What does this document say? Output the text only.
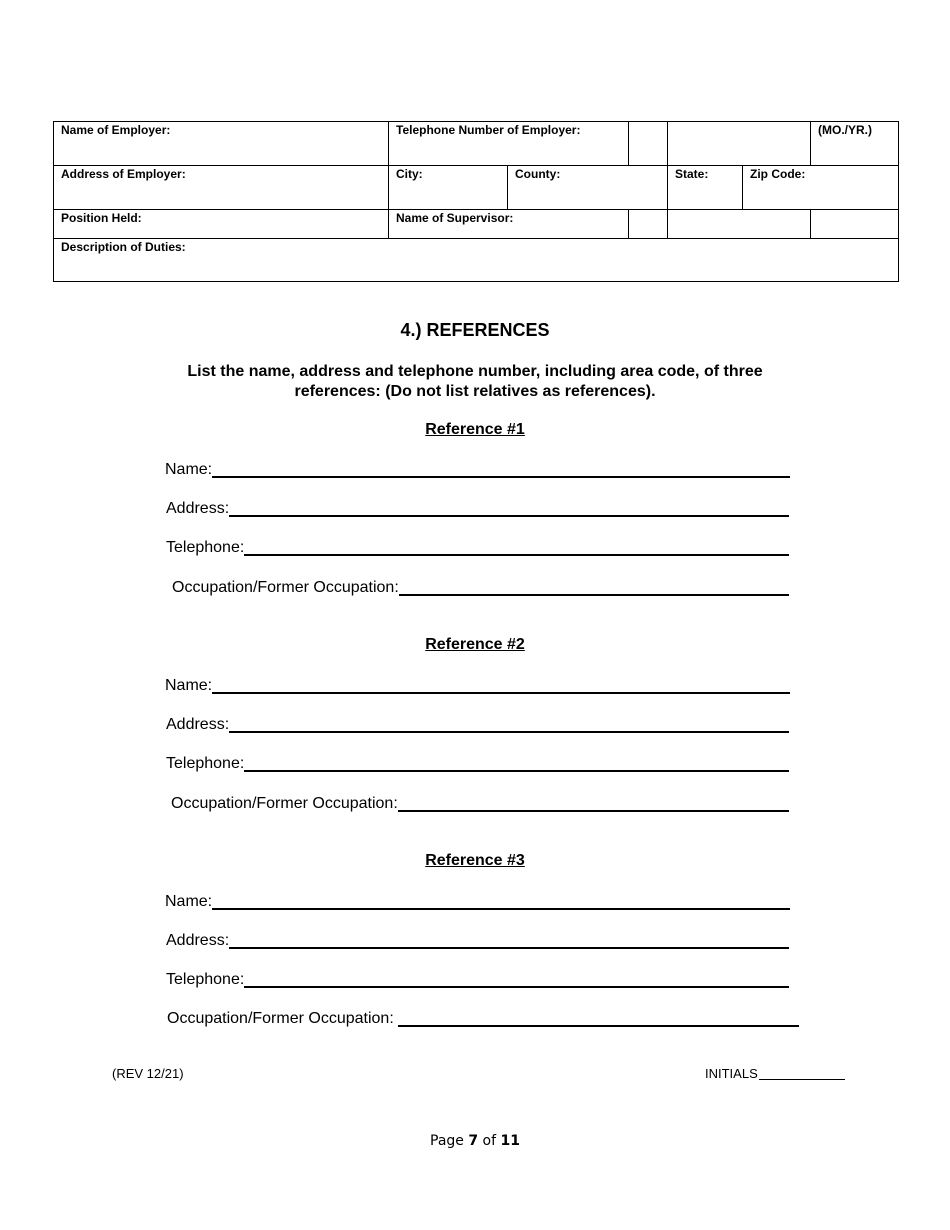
Name of Employer:	Telephone Number of Employer:	(MO./YR.)
Address of Employer:	City:	County:	State:	Zip Code:
Position Held:	Name of Supervisor:
Description of Duties:
4.) REFERENCES
List the name, address and telephone number, including area code, of three
references: (Do not list relatives as references).
Reference #1
Name:
Address:
Telephone:
Occupation/Former Occupation:
Reference #2
Name:
Address:
Telephone:
Occupation/Former Occupation:
Reference #3
Name:
Address:
Telephone:
Occupation/Former Occupation:
(REV 12/21)	INITIALS
Page 7 of 11
